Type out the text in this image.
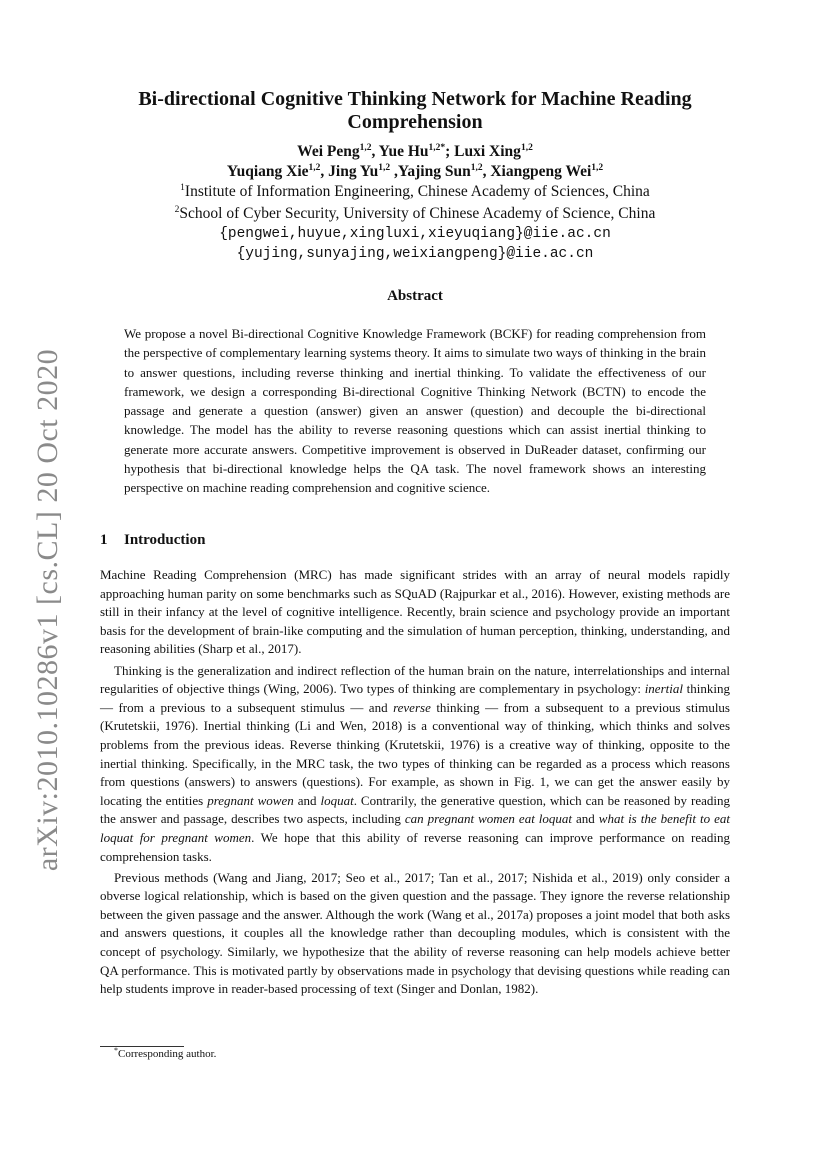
arXiv:2010.10286v1 [cs.CL] 20 Oct 2020
Bi-directional Cognitive Thinking Network for Machine Reading Comprehension
Wei Peng$^{1,2}$, Yue $Hu^{1,2*}$; Luxi Xing$^{1,2}$
Yuqiang Xie$^{1,2}$, Jing Yu$^{1,2}$ ,Yajing Sun$^{1,2}$, Xiangpeng Wei$^{1,2}$
$^1$Institute of Information Engineering, Chinese Academy of Sciences, China
$^2$School of Cyber Security, University of Chinese Academy of Science, China
{pengwei,huyue,xingluxi,xieyuqiang}@iie.ac.cn
{yujing,sunyajing,weixiangpeng}@iie.ac.cn
Abstract

We propose a novel Bi-directional Cognitive Knowledge Framework (BCKF) for reading comprehension from the perspective of complementary learning systems theory. It aims to simulate two ways of thinking in the brain to answer questions, including reverse thinking and inertial thinking. To validate the effectiveness of our framework, we design a corresponding Bi-directional Cognitive Thinking Network (BCTN) to encode the passage and generate a question (answer) given an answer (question) and decouple the bi-directional knowledge. The model has the ability to reverse reasoning questions which can assist inertial thinking to generate more accurate answers. Competitive improvement is observed in DuReader dataset, confirming our hypothesis that bi-directional knowledge helps the QA task. The novel framework shows an interesting perspective on machine reading comprehension and cognitive science.

1 Introduction

Machine Reading Comprehension (MRC) has made significant strides with an array of neural models rapidly approaching human parity on some benchmarks such as SQuAD (Rajpurkar et al., 2016). However, existing methods are still in their infancy at the level of cognitive intelligence. Recently, brain science and psychology provide an important basis for the development of brain-like computing and the simulation of human perception, thinking, understanding, and reasoning abilities (Sharp et al., 2017).

Thinking is the generalization and indirect reflection of the human brain on the nature, interrelationships and internal regularities of objective things (Wing, 2006). Two types of thinking are complementary in psychology: inertial thinking — from a previous to a subsequent stimulus — and reverse thinking — from a subsequent to a previous stimulus (Krutetskii, 1976). Inertial thinking (Li and Wen, 2018) is a conventional way of thinking, which thinks and solves problems from the previous ideas. Reverse thinking (Krutetskii, 1976) is a creative way of thinking, opposite to the inertial thinking. Specifically, in the MRC task, the two types of thinking can be regarded as a process which reasons from questions (answers) to answers (questions). For example, as shown in Fig. 1, we can get the answer easily by locating the entities pregnant wowen and loquat. Contrarily, the generative question, which can be reasoned by reading the answer and passage, describes two aspects, including can pregnant women eat loquat and what is the benefit to eat loquat for pregnant women. We hope that this ability of reverse reasoning can improve performance on reading comprehension tasks.

Previous methods (Wang and Jiang, 2017; Seo et al., 2017; Tan et al., 2017; Nishida et al., 2019) only consider a obverse logical relationship, which is based on the given question and the passage. They ignore the reverse relationship between the given passage and the answer. Although the work (Wang et al., 2017a) proposes a joint model that both asks and answers questions, it couples all the knowledge rather than decoupling modules, which is consistent with the concept of psychology. Similarly, we hypothesize that the ability of reverse reasoning can help models achieve better QA performance. This is motivated partly by observations made in psychology that devising questions while reading can help students improve in reader-based processing of text (Singer and Donlan, 1982).

*Corresponding author.
